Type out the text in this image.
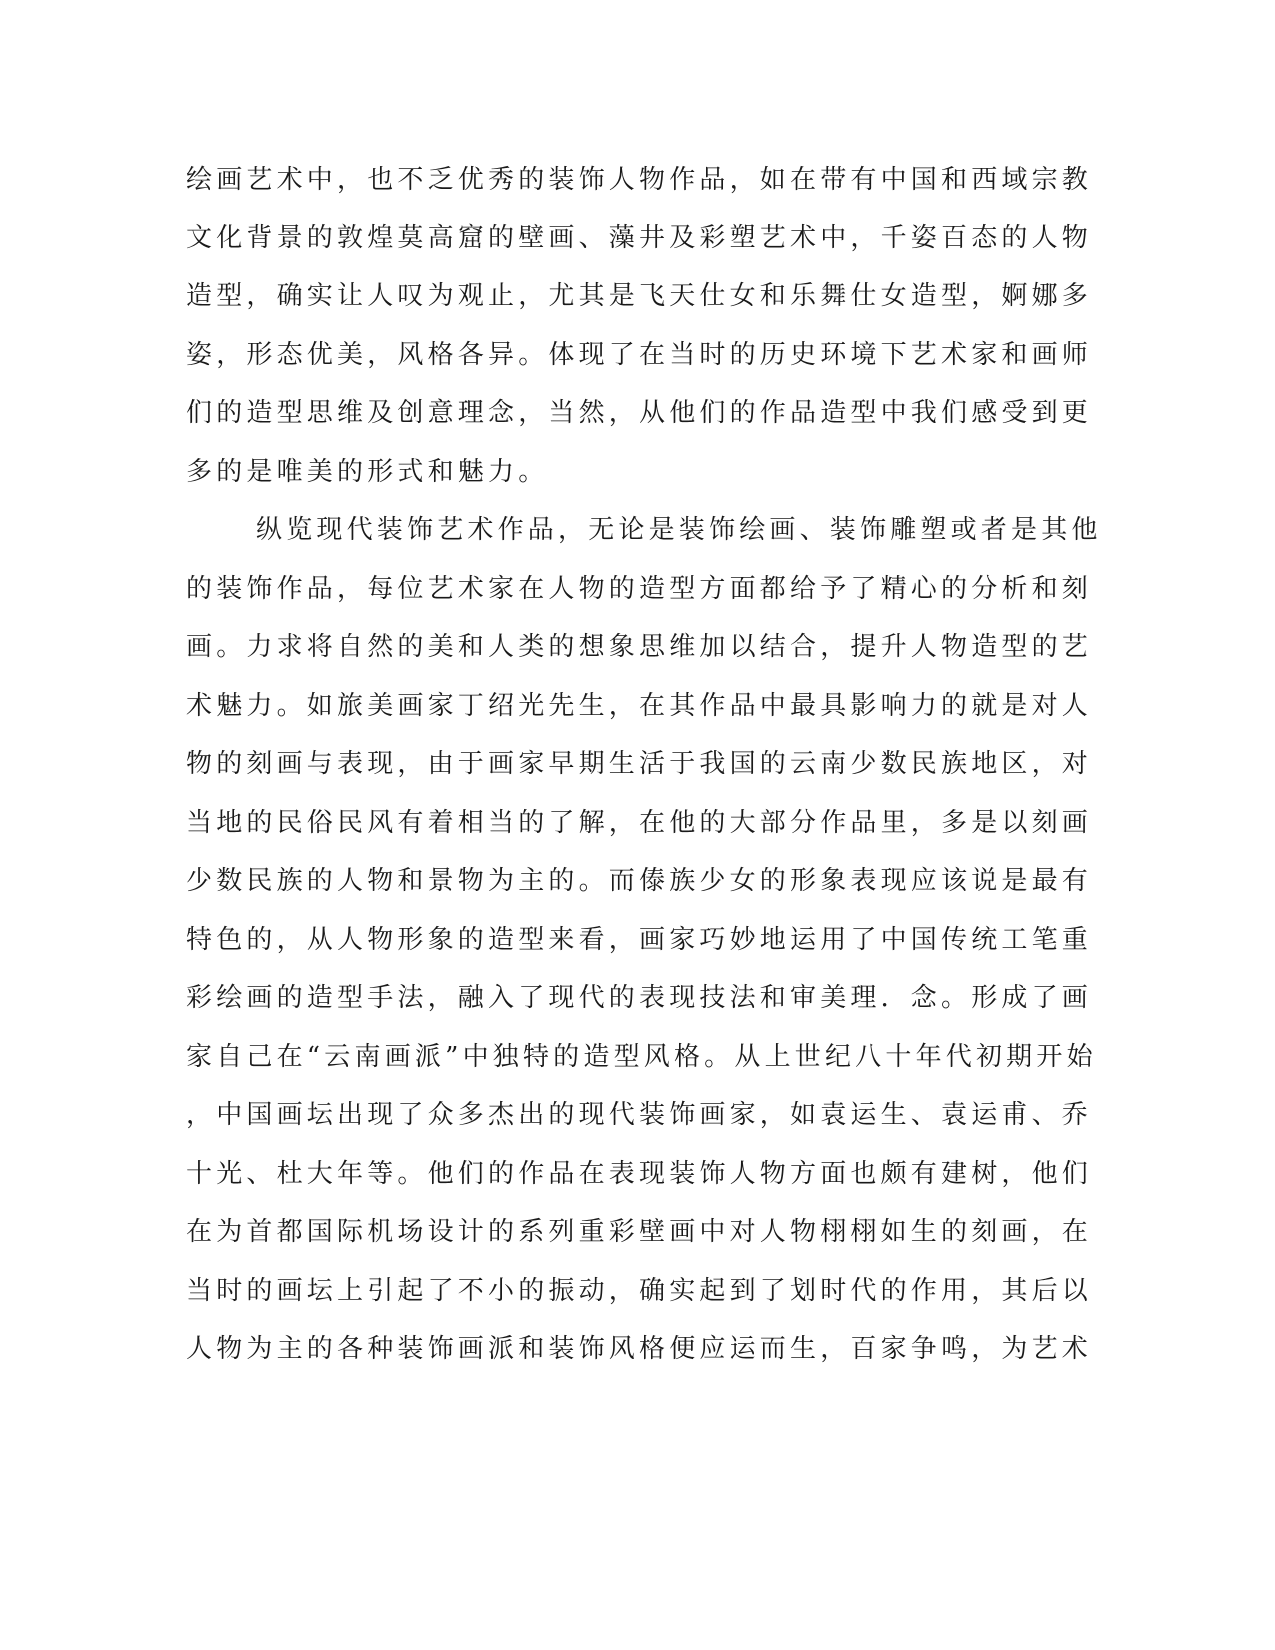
绘画艺术中，也不乏优秀的装饰人物作品，如在带有中国和西域宗教
文化背景的敦煌莫高窟的壁画、藻井及彩塑艺术中，千姿百态的人物
造型，确实让人叹为观止，尤其是飞天仕女和乐舞仕女造型，婀娜多
姿，形态优美，风格各异。体现了在当时的历史环境下艺术家和画师
们的造型思维及创意理念，当然，从他们的作品造型中我们感受到更
多的是唯美的形式和魅力。
纵览现代装饰艺术作品，无论是装饰绘画、装饰雕塑或者是其他
的装饰作品，每位艺术家在人物的造型方面都给予了精心的分析和刻
画。力求将自然的美和人类的想象思维加以结合，提升人物造型的艺
术魅力。如旅美画家丁绍光先生，在其作品中最具影响力的就是对人
物的刻画与表现，由于画家早期生活于我国的云南少数民族地区，对
当地的民俗民风有着相当的了解，在他的大部分作品里，多是以刻画
少数民族的人物和景物为主的。而傣族少女的形象表现应该说是最有
特色的，从人物形象的造型来看，画家巧妙地运用了中国传统工笔重
彩绘画的造型手法，融入了现代的表现技法和审美理．念。形成了画
家自己在“云南画派”中独特的造型风格。从上世纪八十年代初期开始
，中国画坛出现了众多杰出的现代装饰画家，如袁运生、袁运甫、乔
十光、杜大年等。他们的作品在表现装饰人物方面也颇有建树，他们
在为首都国际机场设计的系列重彩壁画中对人物栩栩如生的刻画，在
当时的画坛上引起了不小的振动，确实起到了划时代的作用，其后以
人物为主的各种装饰画派和装饰风格便应运而生，百家争鸣，为艺术
